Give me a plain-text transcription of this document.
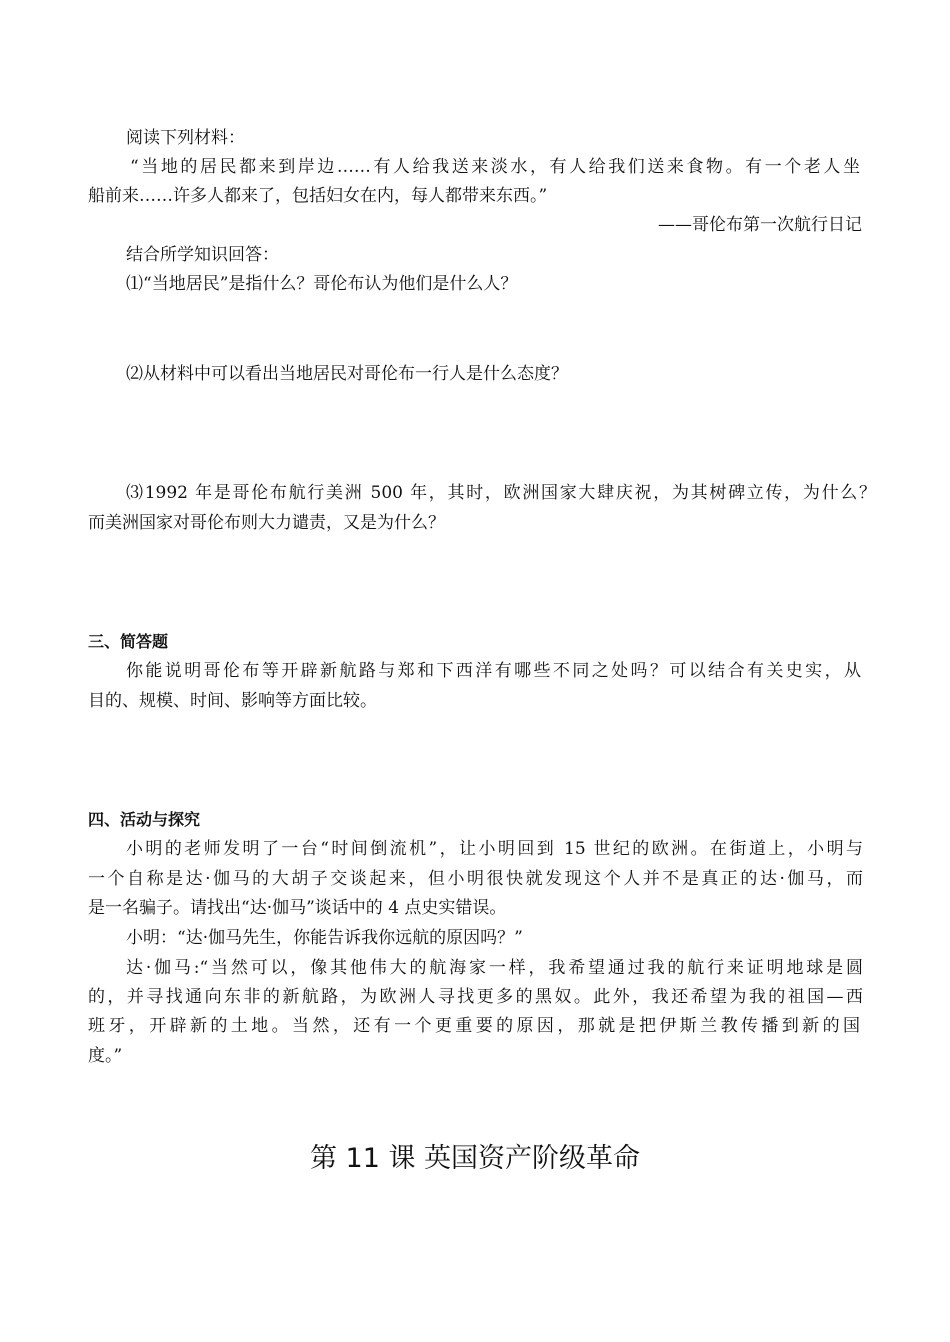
阅读下列材料：
“当地的居民都来到岸边……有人给我送来淡水，有人给我们送来食物。有一个老人坐
船前来……许多人都来了，包括妇女在内，每人都带来东西。”
——哥伦布第一次航行日记
结合所学知识回答：
⑴“当地居民”是指什么？哥伦布认为他们是什么人？
⑵从材料中可以看出当地居民对哥伦布一行人是什么态度？
⑶1992 年是哥伦布航行美洲 500 年，其时，欧洲国家大肆庆祝，为其树碑立传，为什么？
而美洲国家对哥伦布则大力谴责，又是为什么？
三、简答题
你能说明哥伦布等开辟新航路与郑和下西洋有哪些不同之处吗？可以结合有关史实，从
目的、规模、时间、影响等方面比较。
四、活动与探究
小明的老师发明了一台“时间倒流机”，让小明回到 15 世纪的欧洲。在街道上，小明与
一个自称是达·伽马的大胡子交谈起来，但小明很快就发现这个人并不是真正的达·伽马，而
是一名骗子。请找出“达·伽马”谈话中的 4 点史实错误。
小明：“达·伽马先生，你能告诉我你远航的原因吗？”
达·伽马:“当然可以，像其他伟大的航海家一样，我希望通过我的航行来证明地球是圆
的，并寻找通向东非的新航路，为欧洲人寻找更多的黑奴。此外，我还希望为我的祖国—西
班牙，开辟新的土地。当然，还有一个更重要的原因，那就是把伊斯兰教传播到新的国
度。”
第 11 课 英国资产阶级革命
